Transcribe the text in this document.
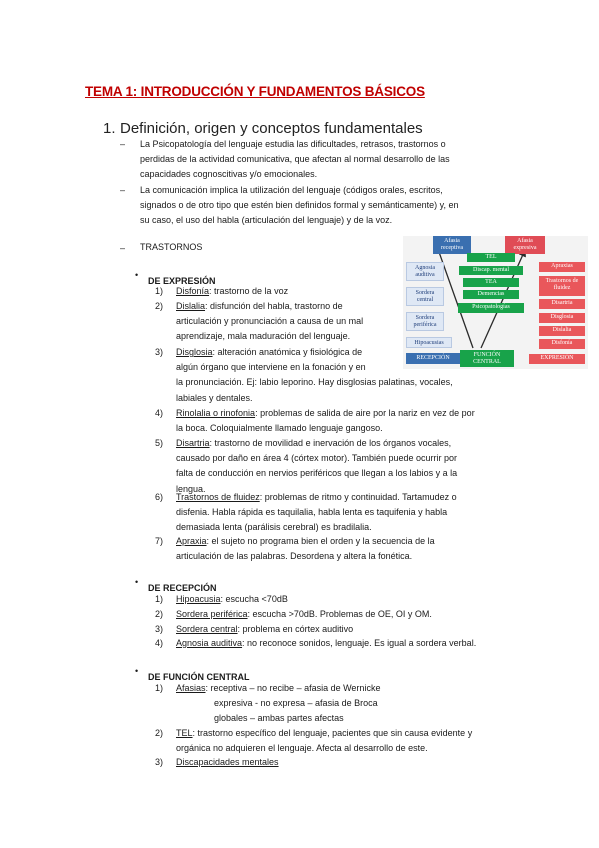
TEMA 1: INTRODUCCIÓN Y FUNDAMENTOS BÁSICOS
1. Definición, origen y conceptos fundamentales
– La Psicopatología del lenguaje estudia las dificultades, retrasos, trastornos o
perdidas de la actividad comunicativa, que afectan al normal desarrollo de las
capacidades cognoscitivas y/o emocionales.
– La comunicación implica la utilización del lenguaje (códigos orales, escritos,
signados o de otro tipo que estén bien definidos formal y semánticamente) y, en
su caso, el uso del habla (articulación del lenguaje) y de la voz.
– TRASTORNOS
•
DE EXPRESIÓN
1) Disfonía: trastorno de la voz
2) Dislalia: disfunción del habla, trastorno de
articulación y pronunciación a causa de un mal
aprendizaje, mala maduración del lenguaje.
3) Disglosia: alteración anatómica y fisiológica de
algún órgano que interviene en la fonación y en
la pronunciación. Ej: labio leporino. Hay disglosias palatinas, vocales,
labiales y dentales.
4) Rinolalia o rinofonia: problemas de salida de aire por la nariz en vez de por
la boca. Coloquialmente llamado lenguaje gangoso.
5) Disartria: trastorno de movilidad e inervación de los órganos vocales,
causado por daño en área 4 (córtex motor). También puede ocurrir por
falta de conducción en nervios periféricos que llegan a los labios y a la
lengua.
6) Trastornos de fluidez: problemas de ritmo y continuidad. Tartamudez o
disfenia. Habla rápida es taquilalia, habla lenta es taquifenia y habla
demasiada lenta (parálisis cerebral) es bradilalia.
7) Apraxia: el sujeto no programa bien el orden y la secuencia de la
articulación de las palabras. Desordena y altera la fonética.
•
DE RECEPCIÓN
1) Hipoacusia: escucha <70dB
2) Sordera periférica: escucha >70dB. Problemas de OE, OI y OM.
3) Sordera central: problema en córtex auditivo
4) Agnosia auditiva: no reconoce sonidos, lenguaje. Es igual a sordera verbal.
•
DE FUNCIÓN CENTRAL
1) Afasias: receptiva – no recibe – afasia de Wernicke
expresiva - no expresa – afasia de Broca
globales – ambas partes afectas
2) TEL: trastorno específico del lenguaje, pacientes que sin causa evidente y
orgánica no adquieren el lenguaje. Afecta al desarrollo de este.
3) Discapacidades mentales
Afasia receptiva
Afasia expresiva
Agnosia auditiva
Sordera central
Sordera periférica
Hipoacusias
RECEPCIÓN
TEL
Discap. mental
TEA
Demencias
Psicopatologías
FUNCIÓN CENTRAL
Apraxias
Trastornos de fluidez
Disartria
Disglosia
Dislalia
Disfonía
EXPRESIÓN
